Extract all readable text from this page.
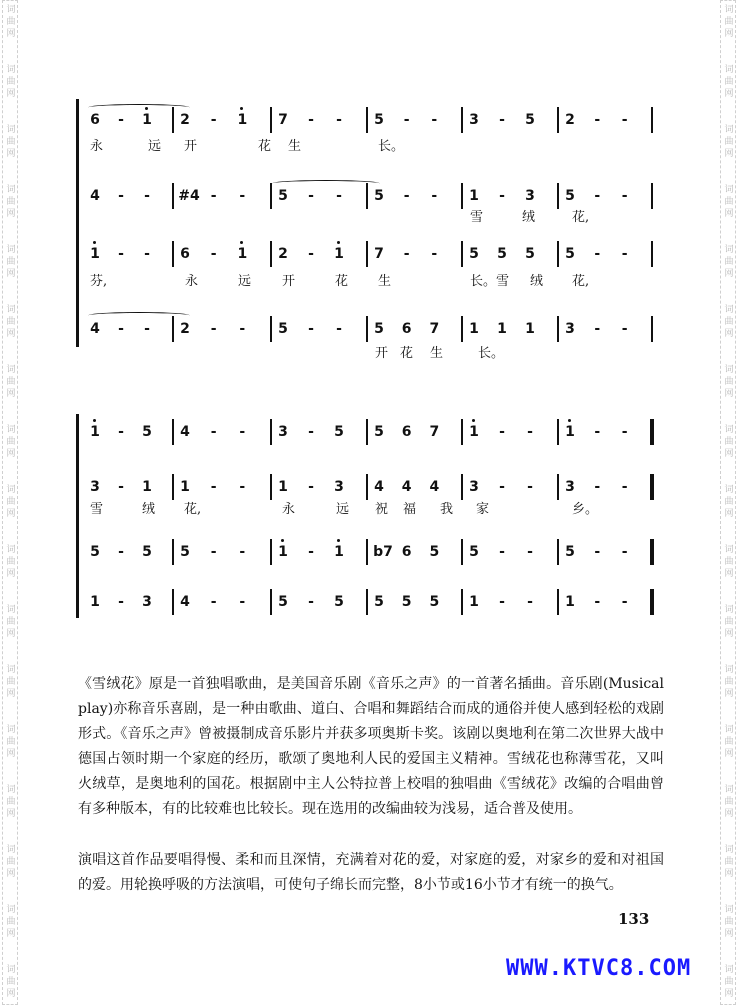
词
曲
网
词
曲
网
词
曲
网
词
曲
网
词
曲
网
词
曲
网
词
曲
网
词
曲
网
词
曲
网
词
曲
网
词
曲
网
词
曲
网
词
曲
网
词
曲
网
词
曲
网
词
曲
网
词
曲
网
词
曲
网
词
曲
网
词
曲
网
词
曲
网
词
曲
网
词
曲
网
词
曲
网
词
曲
网
词
曲
网
词
曲
网
词
曲
网
词
曲
网
词
曲
网
词
曲
网
词
曲
网
词
曲
网
词
曲
网
6 - 1 2 - 1 7 - - 5 - - 3 - 5 2 - -
永	远 开	花 生	长。
4 - - #4 - - 5 - - 5 - - 1 - 3 5 - -
雪	绒	花,
1 - - 6 - 1 2 - 1 7 - - 5 5 5 5 - -
芬,	永	远 开	花 生	长。雪 绒 花,
4 - - 2 - - 5 - - 5 6 7 1 1 1 3 - -
开 花 生	长。
1 - 5 4 - - 3 - 5 5 6 7 1 - - 1 - -
3 - 1 1 - - 1 - 3 4 4 4 3 - - 3 - -
雪	绒 花,	永	远 祝 福 我 家	乡。
5 - 5 5 - - 1 - 1 b7 6 5 5 - - 5 - -
1 - 3 4 - - 5 - 5 5 5 5 1 - - 1 - -

《雪绒花》原是一首独唱歌曲，是美国音乐剧《音乐之声》的一首著名插曲。音乐剧(Musical play)亦称音乐喜剧，是一种由歌曲、道白、合唱和舞蹈结合而成的通俗并使人感到轻松的戏剧形式。《音乐之声》曾被摄制成音乐影片并获多项奥斯卡奖。该剧以奥地利在第二次世界大战中德国占领时期一个家庭的经历，歌颂了奥地利人民的爱国主义精神。雪绒花也称薄雪花，又叫火绒草，是奥地利的国花。根据剧中主人公特拉普上校唱的独唱曲《雪绒花》改编的合唱曲曾有多种版本，有的比较难也比较长。现在选用的改编曲较为浅易，适合普及使用。

演唱这首作品要唱得慢、柔和而且深情，充满着对花的爱，对家庭的爱，对家乡的爱和对祖国的爱。用轮换呼吸的方法演唱，可使句子绵长而完整，8小节或16小节才有统一的换气。

133
WWW.KTVC8.COM
